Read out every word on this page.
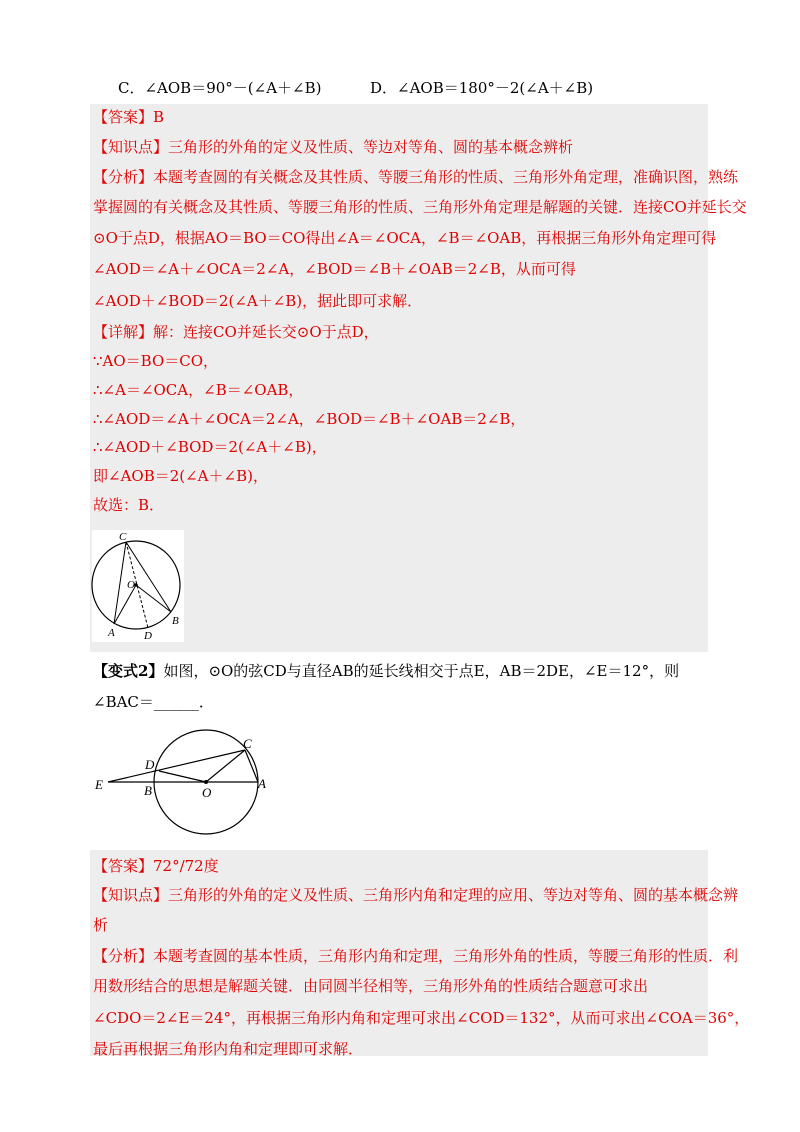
C．∠AOB＝90°－(∠A＋∠B)	D．∠AOB＝180°－2(∠A＋∠B)
【答案】B
【知识点】三角形的外角的定义及性质、等边对等角、圆的基本概念辨析
【分析】本题考查圆的有关概念及其性质、等腰三角形的性质、三角形外角定理，准确识图，熟练
掌握圆的有关概念及其性质、等腰三角形的性质、三角形外角定理是解题的关键．连接CO并延长交
⊙O于点D，根据AO＝BO＝CO得出∠A＝∠OCA，∠B＝∠OAB，再根据三角形外角定理可得
∠AOD＝∠A＋∠OCA＝2∠A，∠BOD＝∠B＋∠OAB＝2∠B，从而可得
∠AOD＋∠BOD＝2(∠A＋∠B)，据此即可求解．
【详解】解：连接CO并延长交⊙O于点D，
∵AO＝BO＝CO，
∴∠A＝∠OCA，∠B＝∠OAB，
∴∠AOD＝∠A＋∠OCA＝2∠A，∠BOD＝∠B＋∠OAB＝2∠B，
∴∠AOD＋∠BOD＝2(∠A＋∠B)，
即∠AOB＝2(∠A＋∠B)，
故选：B．
C
O
A	D
B
【变式2】如图，⊙O的弦CD与直径AB的延长线相交于点E，AB＝2DE，∠E＝12°，则
∠BAC＝______．
E
D
B	O
C
A
【答案】72°/72度
【知识点】三角形的外角的定义及性质、三角形内角和定理的应用、等边对等角、圆的基本概念辨
析
【分析】本题考查圆的基本性质，三角形内角和定理，三角形外角的性质，等腰三角形的性质．利
用数形结合的思想是解题关键．由同圆半径相等，三角形外角的性质结合题意可求出
∠CDO＝2∠E＝24°，再根据三角形内角和定理可求出∠COD＝132°，从而可求出∠COA＝36°，
最后再根据三角形内角和定理即可求解．
